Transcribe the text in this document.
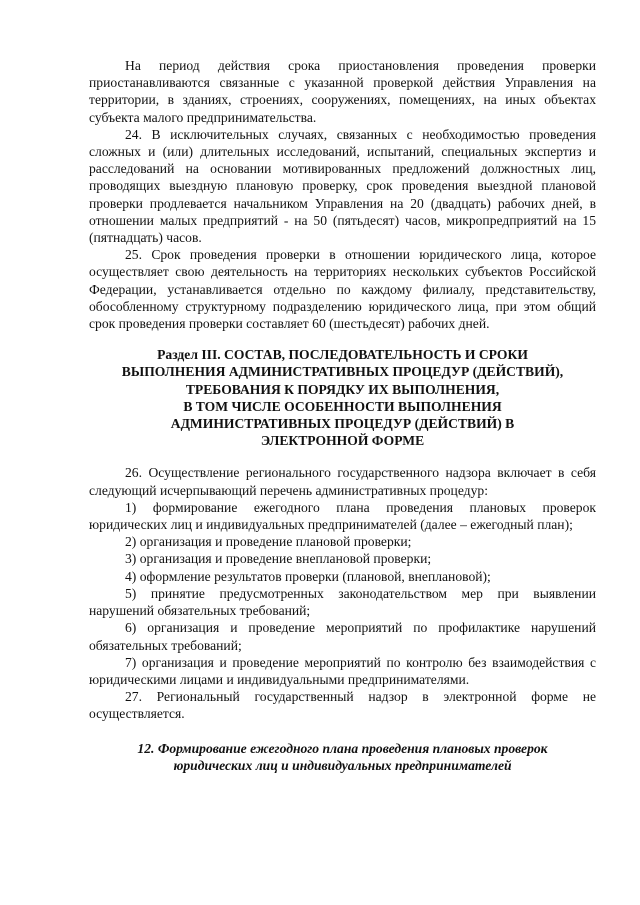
На период действия срока приостановления проведения проверки приостанавливаются связанные с указанной проверкой действия Управления на территории, в зданиях, строениях, сооружениях, помещениях, на иных объектах субъекта малого предпринимательства.

24. В исключительных случаях, связанных с необходимостью проведения сложных и (или) длительных исследований, испытаний, специальных экспертиз и расследований на основании мотивированных предложений должностных лиц, проводящих выездную плановую проверку, срок проведения выездной плановой проверки продлевается начальником Управления на 20 (двадцать) рабочих дней, в отношении малых предприятий - на 50 (пятьдесят) часов, микропредприятий на 15 (пятнадцать) часов.

25. Срок проведения проверки в отношении юридического лица, которое осуществляет свою деятельность на территориях нескольких субъектов Российской Федерации, устанавливается отдельно по каждому филиалу, представительству, обособленному структурному подразделению юридического лица, при этом общий срок проведения проверки составляет 60 (шестьдесят) рабочих дней.

Раздел III. СОСТАВ, ПОСЛЕДОВАТЕЛЬНОСТЬ И СРОКИ
ВЫПОЛНЕНИЯ АДМИНИСТРАТИВНЫХ ПРОЦЕДУР (ДЕЙСТВИЙ),
ТРЕБОВАНИЯ К ПОРЯДКУ ИХ ВЫПОЛНЕНИЯ,
В ТОМ ЧИСЛЕ ОСОБЕННОСТИ ВЫПОЛНЕНИЯ
АДМИНИСТРАТИВНЫХ ПРОЦЕДУР (ДЕЙСТВИЙ) В
ЭЛЕКТРОННОЙ ФОРМЕ

26. Осуществление регионального государственного надзора включает в себя следующий исчерпывающий перечень административных процедур:

1) формирование ежегодного плана проведения плановых проверок юридических лиц и индивидуальных предпринимателей (далее – ежегодный план);

2) организация и проведение плановой проверки;

3) организация и проведение внеплановой проверки;

4) оформление результатов проверки (плановой, внеплановой);

5) принятие предусмотренных законодательством мер при выявлении нарушений обязательных требований;

6) организация и проведение мероприятий по профилактике нарушений обязательных требований;

7) организация и проведение мероприятий по контролю без взаимодействия с юридическими лицами и индивидуальными предпринимателями.

27. Региональный государственный надзор в электронной форме не осуществляется.

12. Формирование ежегодного плана проведения плановых проверок
юридических лиц и индивидуальных предпринимателей
